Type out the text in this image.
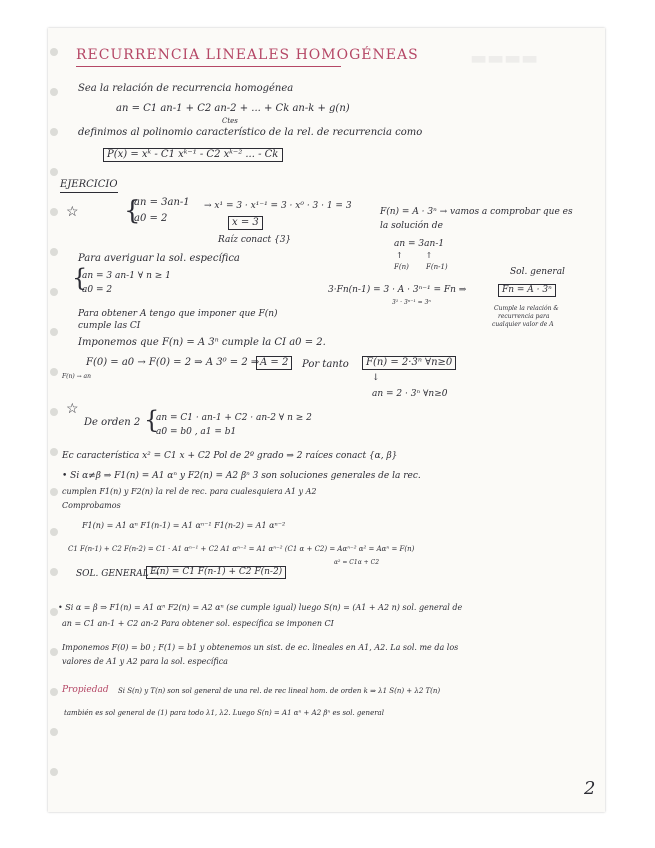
▬▬▬▬
RECURRENCIA LINEALES HOMOGÉNEAS
Sea la relación de recurrencia homogénea
an = C1 an-1 + C2 an-2 + ... + Ck an-k + g(n)
Ctes
definimos al polinomio característico de la rel. de recurrencia como
P(x) = xᵏ - C1 xᵏ⁻¹ - C2 xᵏ⁻² ... - Ck
EJERCICIO
☆ {
an = 3an-1
a0 = 2
→ x¹ = 3 · x¹⁻¹ = 3 · x⁰ · 3 · 1 = 3
x = 3
Raíz conact {3}
F(n) = A · 3ⁿ → vamos a comprobar que es
la solución de
an = 3an-1
↑         ↑
F(n) F(n-1)	Sol. general
3·Fn(n-1) = 3 · A · 3ⁿ⁻¹ = Fn ⇒	Fn = A · 3ⁿ
3¹ · 3ⁿ⁻¹ = 3ⁿ
Cumple la relación &
recurrencia para
cualquier valor de A
Para averiguar la sol. específica
{
an = 3 an-1 ∀ n ≥ 1
a0 = 2
Para obtener A tengo que imponer que F(n)
cumple las CI
Imponemos que F(n) = A 3ⁿ cumple la CI a0 = 2.
F(0) = a0 → F(0) = 2 ⇒ A 3⁰ = 2 ⇒ A = 2	Por tanto	F(n) = 2·3ⁿ ∀n≥0
F(n) → an	↓
an = 2 · 3ⁿ ∀n≥0
☆
De orden 2 {
an = C1 · an-1 + C2 · an-2 ∀ n ≥ 2
a0 = b0 , a1 = b1
Ec característica x² = C1 x + C2 Pol de 2º grado ⇒ 2 raíces conact {α, β}
• Si α≠β ⇒ F1(n) = A1 αⁿ y F2(n) = A2 βⁿ 3 son soluciones generales de la rec.
cumplen F1(n) y F2(n) la rel de rec. para cualesquiera A1 y A2
Comprobamos
F1(n) = A1 αⁿ F1(n-1) = A1 αⁿ⁻¹ F1(n-2) = A1 αⁿ⁻²
C1 F(n-1) + C2 F(n-2) = C1 · A1 αⁿ⁻¹ + C2 A1 αⁿ⁻² = A1 αⁿ⁻² (C1 α + C2) = Aαⁿ⁻² α² = Aαⁿ = F(n)
α² = C1α + C2
SOL. GENERAL →
F(n) = C1 F(n-1) + C2 F(n-2)
• Si α = β ⇒ F1(n) = A1 αⁿ F2(n) = A2 αⁿ (se cumple igual) luego S(n) = (A1 + A2 n) sol. general de
an = C1 an-1 + C2 an-2 Para obtener sol. específica se imponen CI
Imponemos F(0) = b0 ; F(1) = b1 y obtenemos un sist. de ec. lineales en A1, A2. La sol. me da los
valores de A1 y A2 para la sol. específica
Propiedad Si S(n) y T(n) son sol general de una rel. de rec lineal hom. de orden k ⇒ λ1 S(n) + λ2 T(n)
también es sol general de (1) para todo λ1, λ2. Luego S(n) = A1 αⁿ + A2 βⁿ es sol. general
2
